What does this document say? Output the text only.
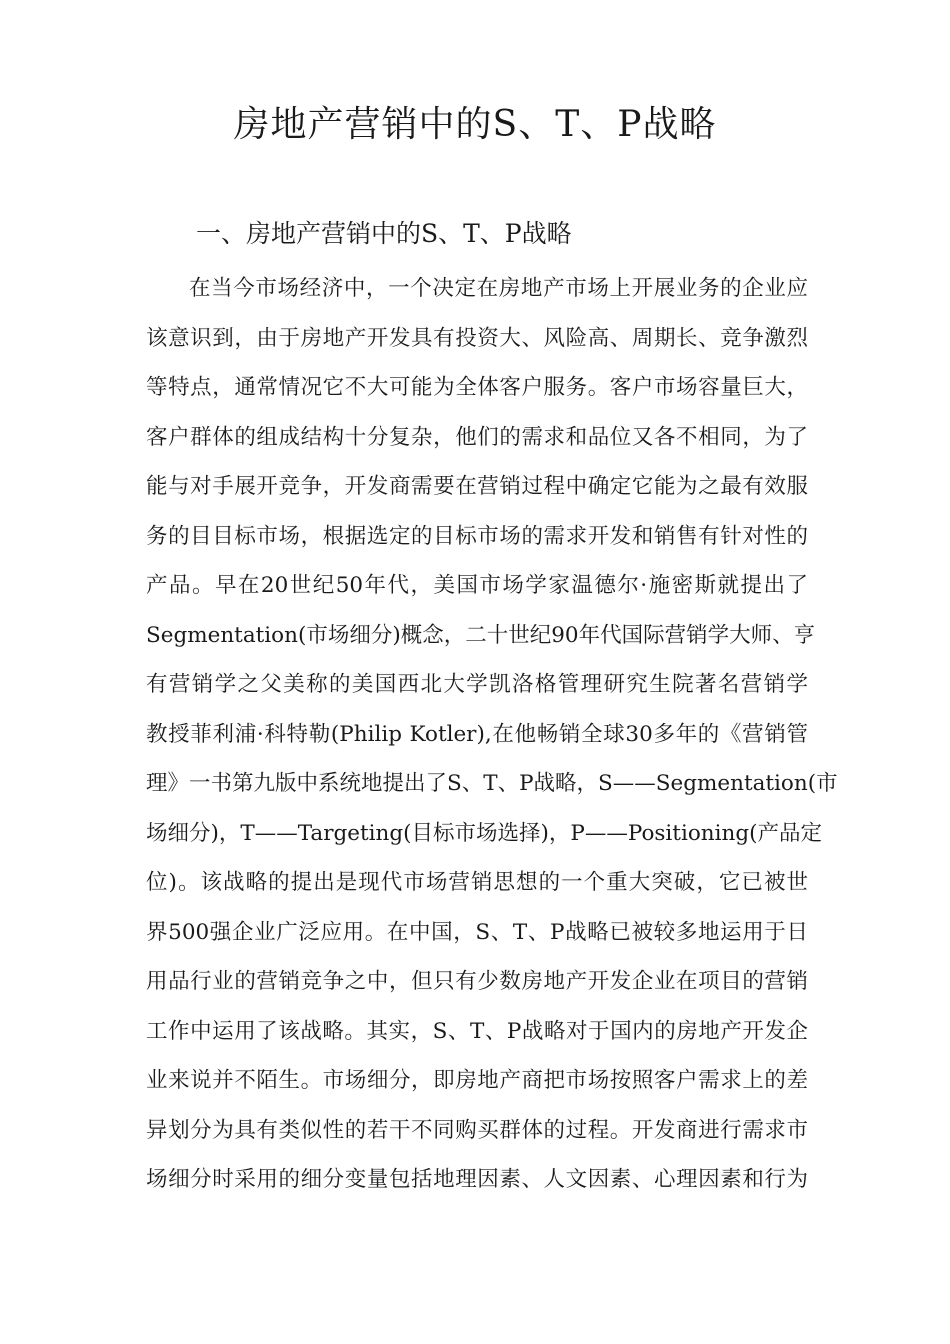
房地产营销中的S、T、P战略
一、房地产营销中的S、T、P战略
在当今市场经济中，一个决定在房地产市场上开展业务的企业应
该意识到，由于房地产开发具有投资大、风险高、周期长、竞争激烈
等特点，通常情况它不大可能为全体客户服务。客户市场容量巨大，
客户群体的组成结构十分复杂，他们的需求和品位又各不相同，为了
能与对手展开竞争，开发商需要在营销过程中确定它能为之最有效服
务的目目标市场，根据选定的目标市场的需求开发和销售有针对性的
产品。早在20世纪50年代，美国市场学家温德尔·施密斯就提出了
Segmentation(市场细分)概念，二十世纪90年代国际营销学大师、亨
有营销学之父美称的美国西北大学凯洛格管理研究生院著名营销学
教授菲利浦·科特勒(Philip Kotler),在他畅销全球30多年的《营销管
理》一书第九版中系统地提出了S、T、P战略，S——Segmentation(市
场细分)，T——Targeting(目标市场选择)，P——Positioning(产品定
位)。该战略的提出是现代市场营销思想的一个重大突破，它已被世
界500强企业广泛应用。在中国，S、T、P战略已被较多地运用于日
用品行业的营销竞争之中，但只有少数房地产开发企业在项目的营销
工作中运用了该战略。其实，S、T、P战略对于国内的房地产开发企
业来说并不陌生。市场细分，即房地产商把市场按照客户需求上的差
异划分为具有类似性的若干不同购买群体的过程。开发商进行需求市
场细分时采用的细分变量包括地理因素、人文因素、心理因素和行为
